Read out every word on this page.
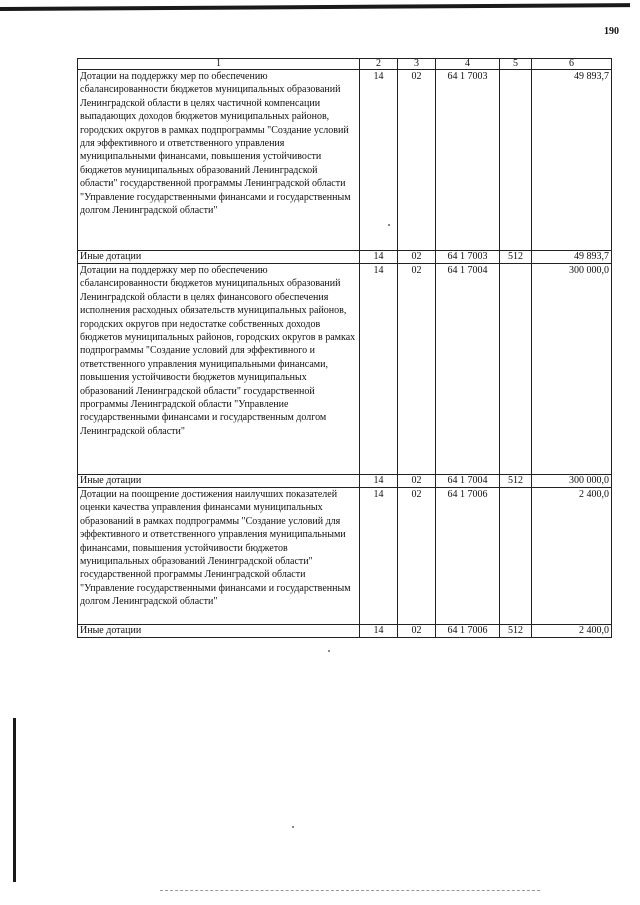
190
1	2	3	4	5	6
Дотации на поддержку мер по обеспечению сбалансированности бюджетов муниципальных образований Ленинградской области в целях частичной компенсации выпадающих доходов бюджетов муниципальных районов, городских округов в рамках подпрограммы "Создание условий для эффективного и ответственного управления муниципальными финансами, повышения устойчивости бюджетов муниципальных образований Ленинградской области" государственной программы Ленинградской области "Управление государственными финансами и государственным долгом Ленинградской области"	14	02	64 1 7003		49 893,7
Иные дотации	14	02	64 1 7003	512	49 893,7
Дотации на поддержку мер по обеспечению сбалансированности бюджетов муниципальных образований Ленинградской области в целях финансового обеспечения исполнения расходных обязательств муниципальных районов, городских округов при недостатке собственных доходов бюджетов муниципальных районов, городских округов в рамках подпрограммы "Создание условий для эффективного и ответственного управления муниципальными финансами, повышения устойчивости бюджетов муниципальных образований Ленинградской области" государственной программы Ленинградской области "Управление государственными финансами и государственным долгом Ленинградской области"	14	02	64 1 7004		300 000,0
Иные дотации	14	02	64 1 7004	512	300 000,0
Дотации на поощрение достижения наилучших показателей оценки качества управления финансами муниципальных образований в рамках подпрограммы "Создание условий для эффективного и ответственного управления муниципальными финансами, повышения устойчивости бюджетов муниципальных образований Ленинградской области" государственной программы Ленинградской области "Управление государственными финансами и государственным долгом Ленинградской области"	14	02	64 1 7006		2 400,0
Иные дотации	14	02	64 1 7006	512	2 400,0
